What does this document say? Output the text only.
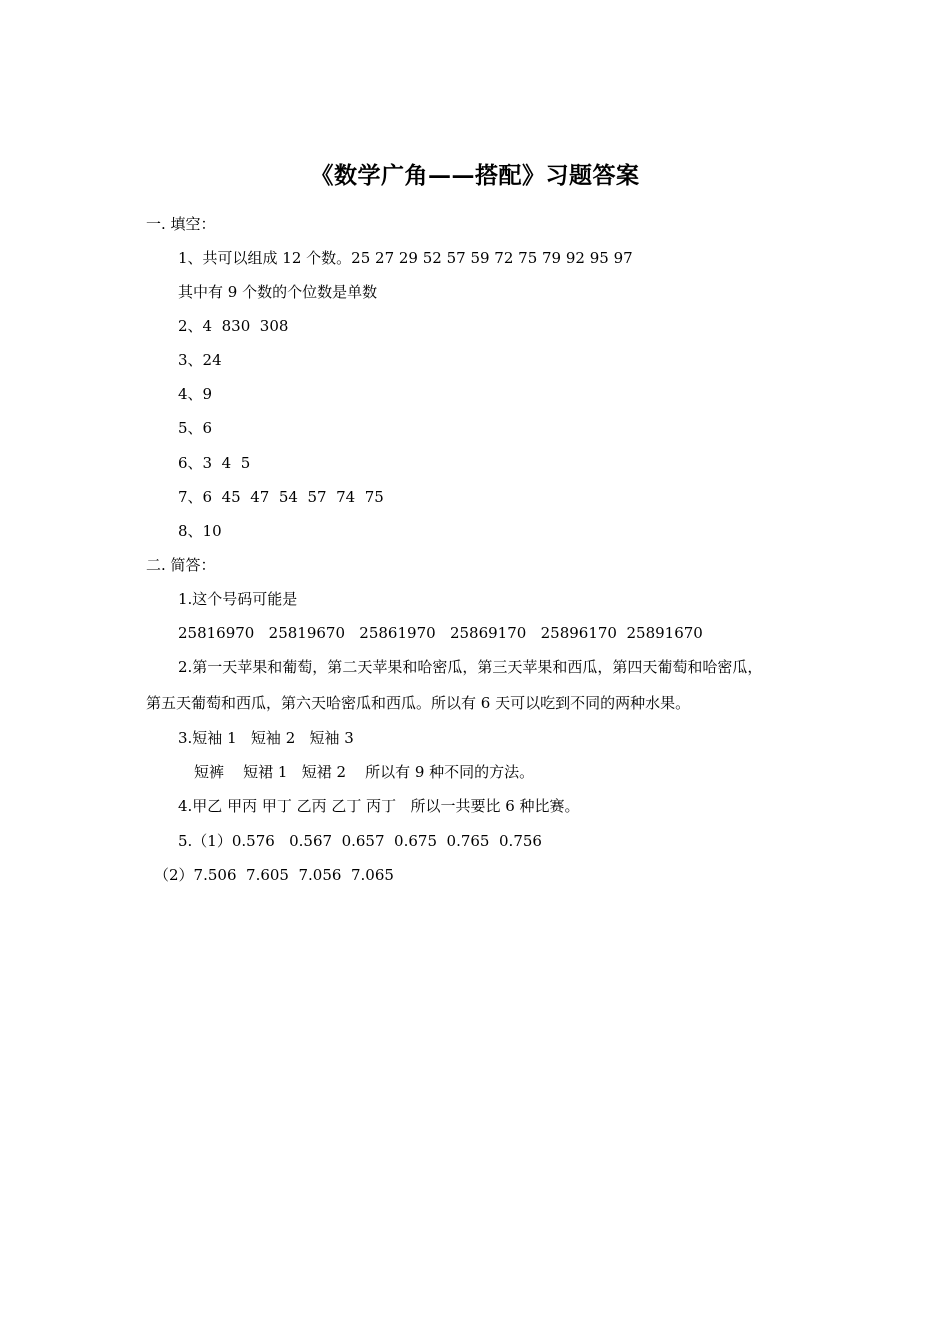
《数学广角——搭配》习题答案
一. 填空：
1、共可以组成 12 个数。25 27 29 52 57 59 72 75 79 92 95 97
其中有 9 个数的个位数是单数
2、4  830  308
3、24
4、9
5、6
6、3  4  5
7、6  45  47  54  57  74  75
8、10
二. 简答：
1.这个号码可能是
25816970   25819670   25861970   25869170   25896170  25891670
2.第一天苹果和葡萄，第二天苹果和哈密瓜，第三天苹果和西瓜，第四天葡萄和哈密瓜，
第五天葡萄和西瓜，第六天哈密瓜和西瓜。所以有 6 天可以吃到不同的两种水果。
3.短袖 1   短袖 2   短袖 3
短裤    短裙 1   短裙 2    所以有 9 种不同的方法。
4.甲乙 甲丙 甲丁 乙丙 乙丁 丙丁   所以一共要比 6 种比赛。
5.（1）0.576   0.567  0.657  0.675  0.765  0.756
（2）7.506  7.605  7.056  7.065
